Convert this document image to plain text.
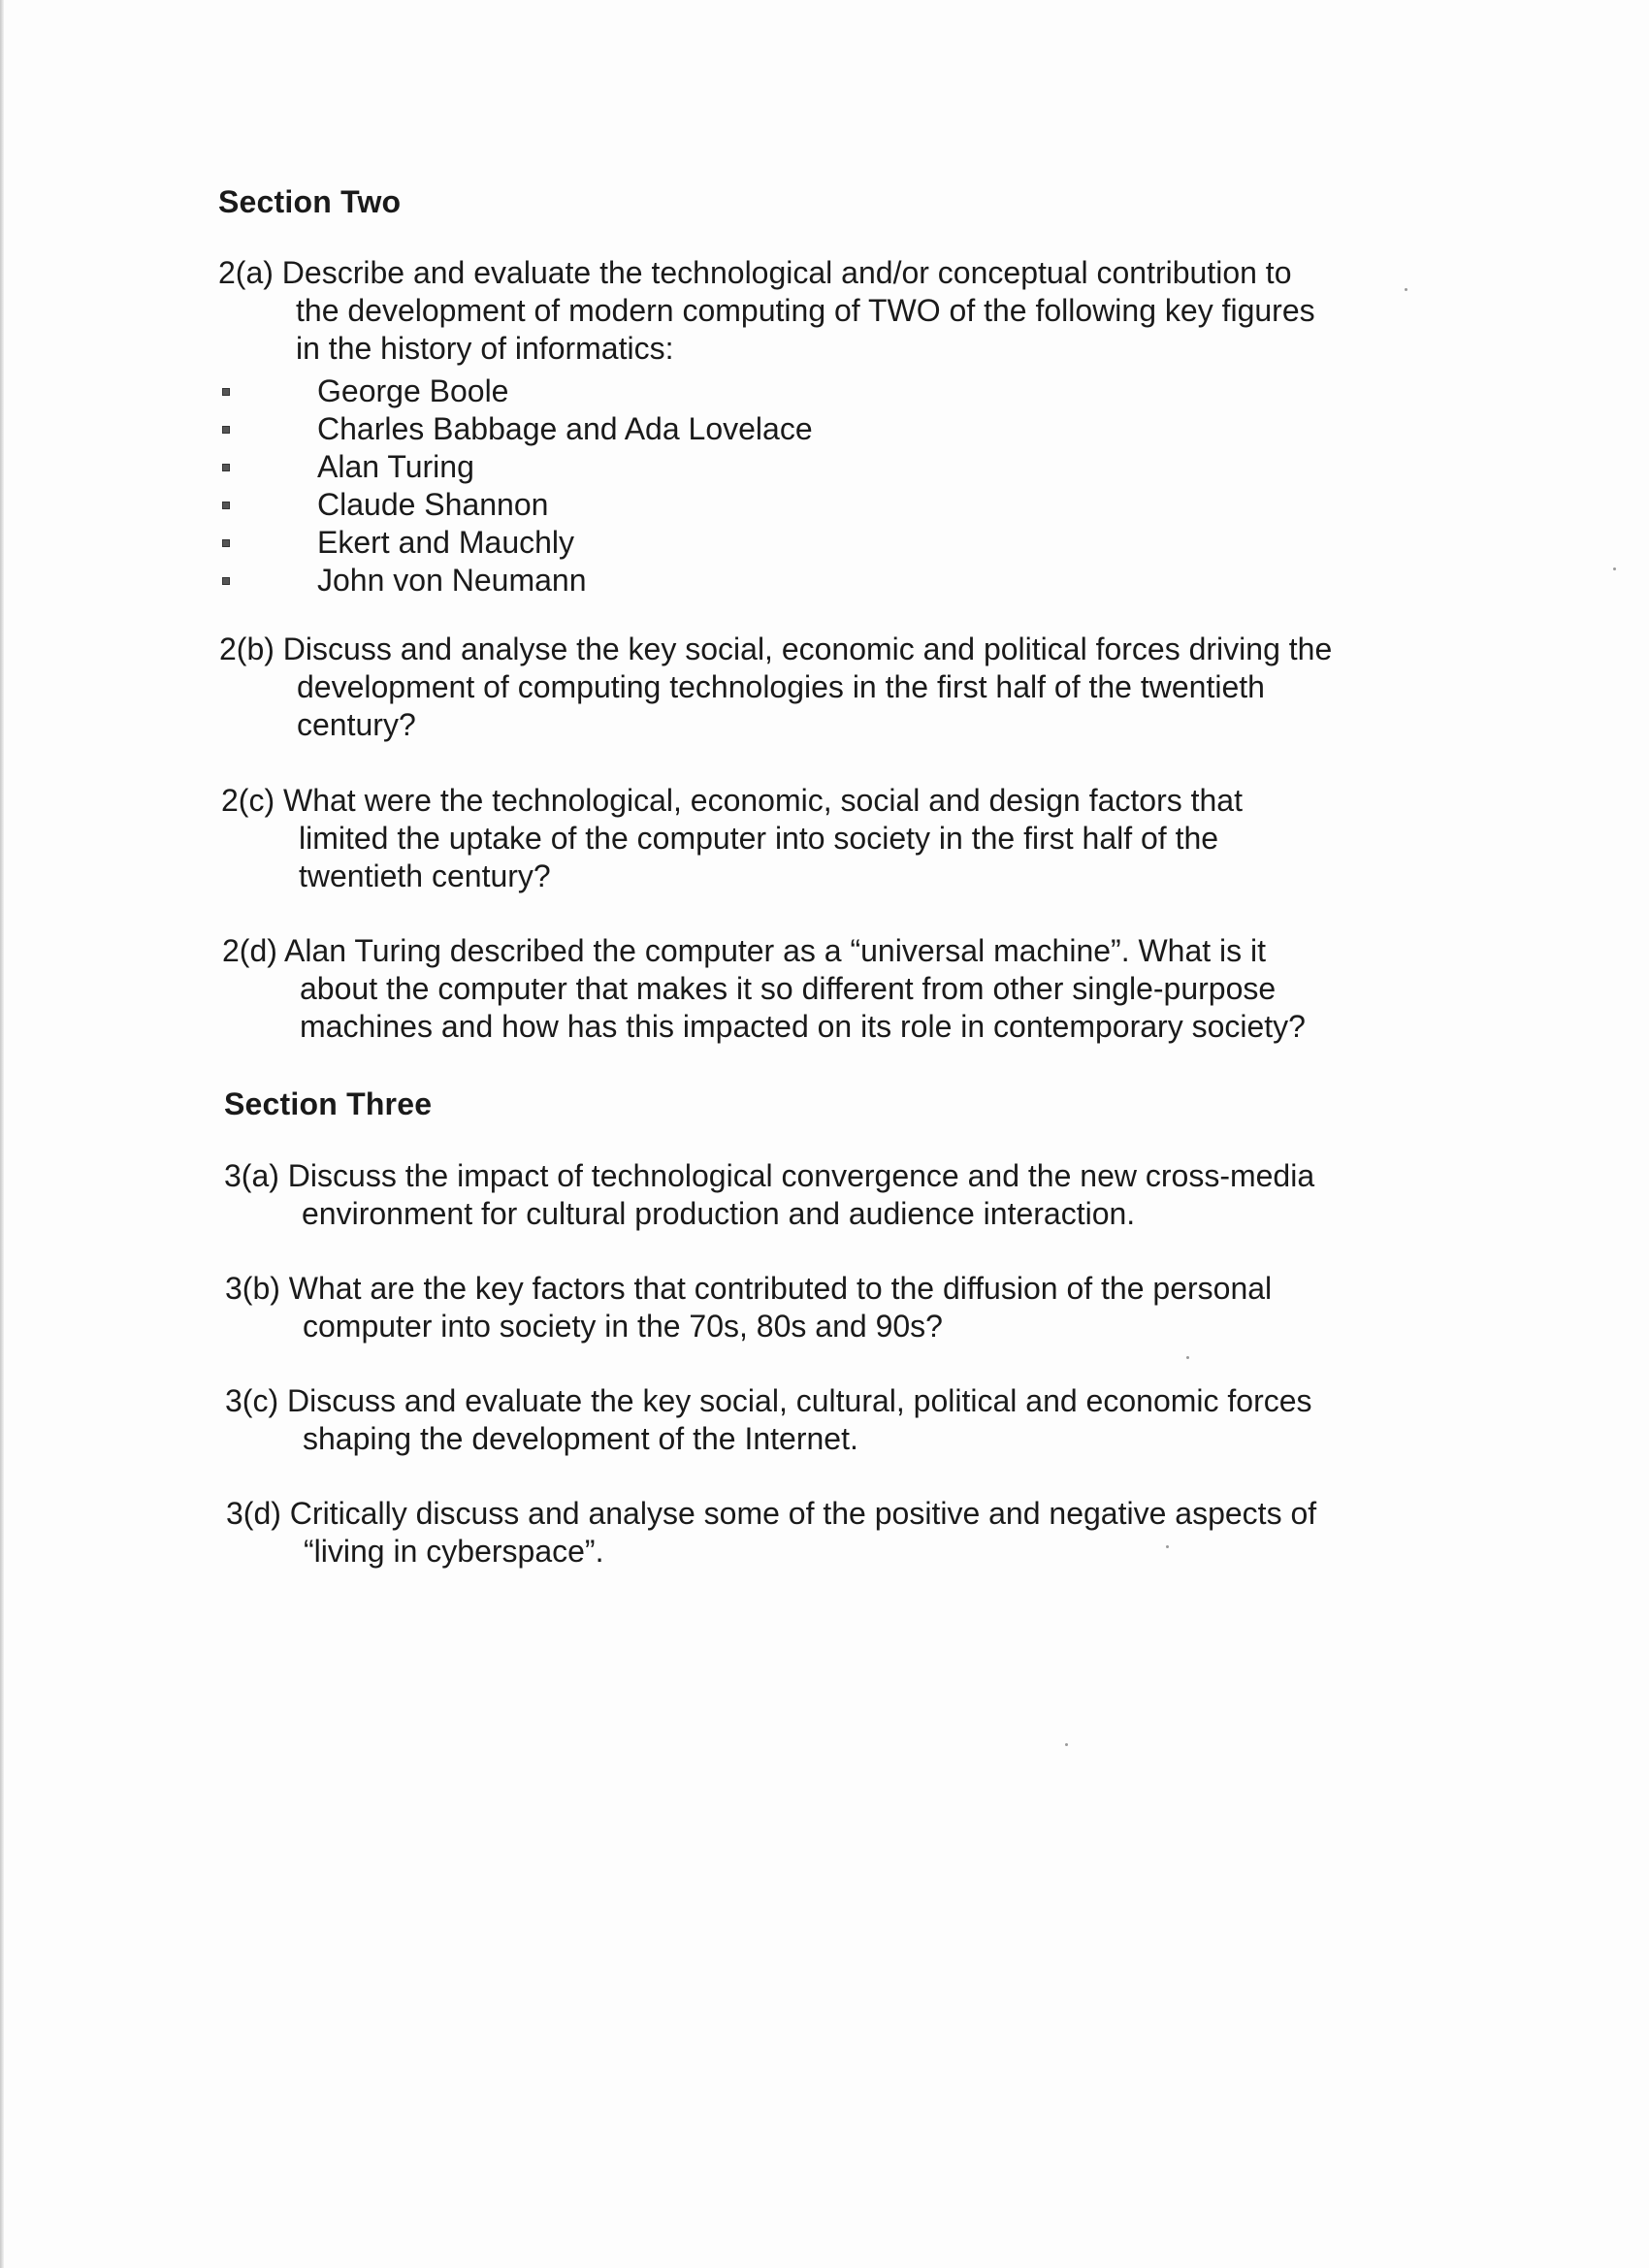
Section Two
2(a) Describe and evaluate the technological and/or conceptual contribution to
the development of modern computing of TWO of the following key figures
in the history of informatics:
George Boole
Charles Babbage and Ada Lovelace
Alan Turing
Claude Shannon
Ekert and Mauchly
John von Neumann
2(b) Discuss and analyse the key social, economic and political forces driving the
development of computing technologies in the first half of the twentieth
century?
2(c) What were the technological, economic, social and design factors that
limited the uptake of the computer into society in the first half of the
twentieth century?
2(d) Alan Turing described the computer as a “universal machine”. What is it
about the computer that makes it so different from other single-purpose
machines and how has this impacted on its role in contemporary society?
Section Three
3(a) Discuss the impact of technological convergence and the new cross-media
environment for cultural production and audience interaction.
3(b) What are the key factors that contributed to the diffusion of the personal
computer into society in the 70s, 80s and 90s?
3(c) Discuss and evaluate the key social, cultural, political and economic forces
shaping the development of the Internet.
3(d) Critically discuss and analyse some of the positive and negative aspects of
“living in cyberspace”.
